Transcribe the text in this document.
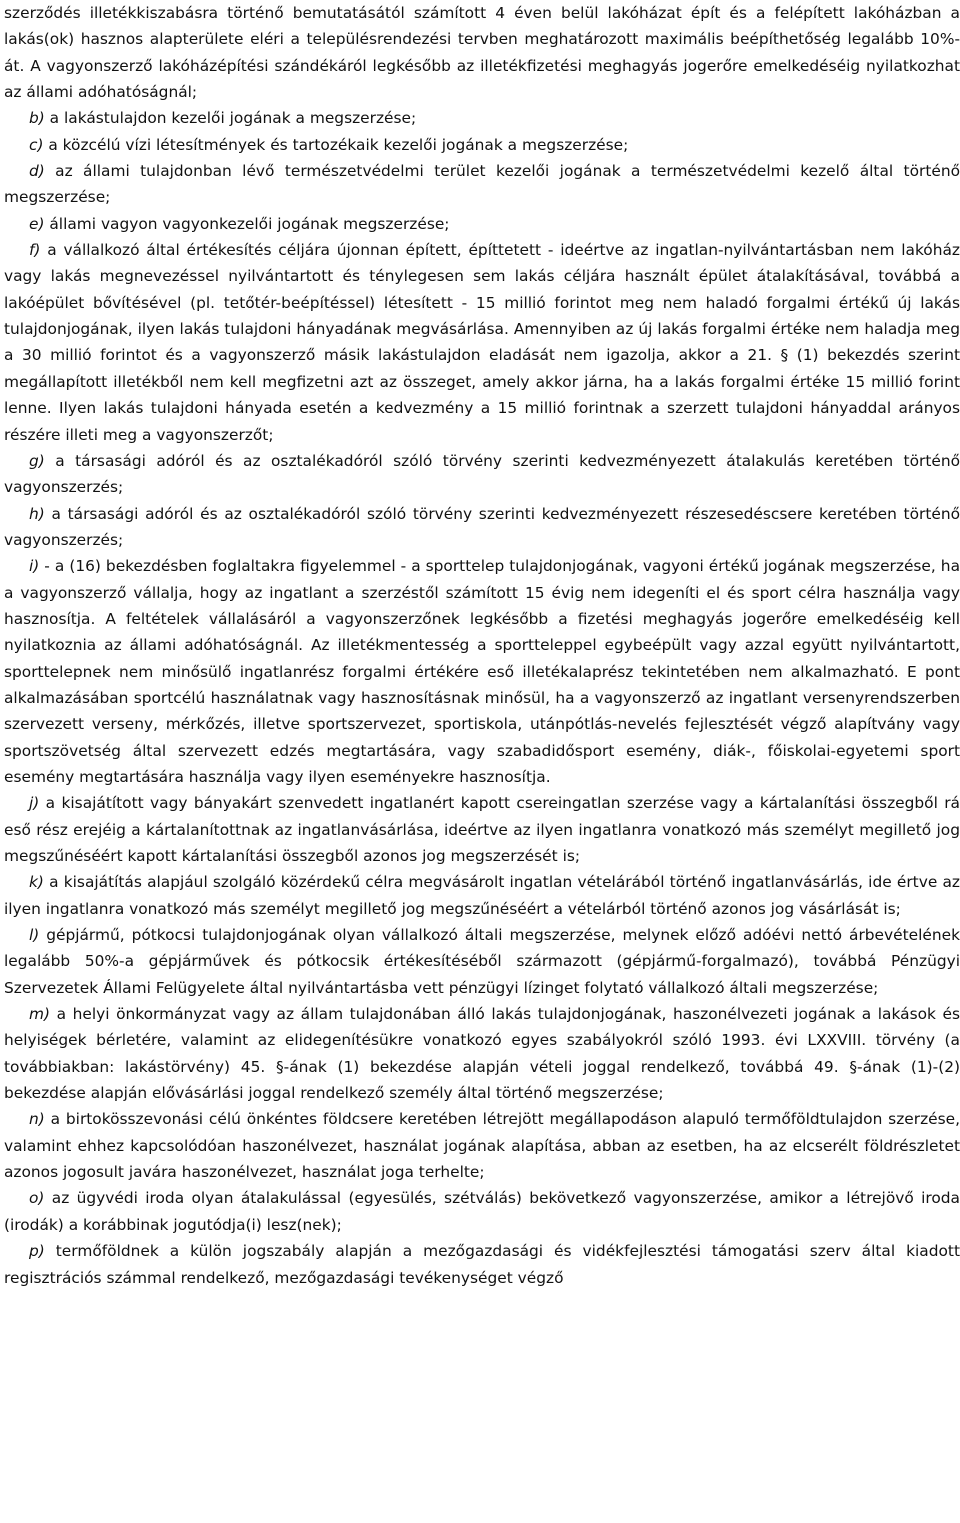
szerződés illetékkiszabásra történő bemutatásától számított 4 éven belül lakóházat épít és a felépített lakóházban a lakás(ok) hasznos alapterülete eléri a településrendezési tervben meghatározott maximális beépíthetőség legalább 10%-át. A vagyonszerző lakóházépítési szándékáról legkésőbb az illetékfizetési meghagyás jogerőre emelkedéséig nyilatkozhat az állami adóhatóságnál;

b) a lakástulajdon kezelői jogának a megszerzése;

c) a közcélú vízi létesítmények és tartozékaik kezelői jogának a megszerzése;

d) az állami tulajdonban lévő természetvédelmi terület kezelői jogának a természetvédelmi kezelő által történő megszerzése;

e) állami vagyon vagyonkezelői jogának megszerzése;

f) a vállalkozó által értékesítés céljára újonnan épített, építtetett - ideértve az ingatlan-nyilvántartásban nem lakóház vagy lakás megnevezéssel nyilvántartott és ténylegesen sem lakás céljára használt épület átalakításával, továbbá a lakóépület bővítésével (pl. tetőtér-beépítéssel) létesített - 15 millió forintot meg nem haladó forgalmi értékű új lakás tulajdonjogának, ilyen lakás tulajdoni hányadának megvásárlása. Amennyiben az új lakás forgalmi értéke nem haladja meg a 30 millió forintot és a vagyonszerző másik lakástulajdon eladását nem igazolja, akkor a 21. § (1) bekezdés szerint megállapított illetékből nem kell megfizetni azt az összeget, amely akkor járna, ha a lakás forgalmi értéke 15 millió forint lenne. Ilyen lakás tulajdoni hányada esetén a kedvezmény a 15 millió forintnak a szerzett tulajdoni hányaddal arányos részére illeti meg a vagyonszerzőt;

g) a társasági adóról és az osztalékadóról szóló törvény szerinti kedvezményezett átalakulás keretében történő vagyonszerzés;

h) a társasági adóról és az osztalékadóról szóló törvény szerinti kedvezményezett részesedéscsere keretében történő vagyonszerzés;

i) - a (16) bekezdésben foglaltakra figyelemmel - a sporttelep tulajdonjogának, vagyoni értékű jogának megszerzése, ha a vagyonszerző vállalja, hogy az ingatlant a szerzéstől számított 15 évig nem idegeníti el és sport célra használja vagy hasznosítja. A feltételek vállalásáról a vagyonszerzőnek legkésőbb a fizetési meghagyás jogerőre emelkedéséig kell nyilatkoznia az állami adóhatóságnál. Az illetékmentesség a sportteleppel egybeépült vagy azzal együtt nyilvántartott, sporttelepnek nem minősülő ingatlanrész forgalmi értékére eső illetékalaprész tekintetében nem alkalmazható. E pont alkalmazásában sportcélú használatnak vagy hasznosításnak minősül, ha a vagyonszerző az ingatlant versenyrendszerben szervezett verseny, mérkőzés, illetve sportszervezet, sportiskola, utánpótlás-nevelés fejlesztését végző alapítvány vagy sportszövetség által szervezett edzés megtartására, vagy szabadidősport esemény, diák-, főiskolai-egyetemi sport esemény megtartására használja vagy ilyen eseményekre hasznosítja.

j) a kisajátított vagy bányakárt szenvedett ingatlanért kapott csereingatlan szerzése vagy a kártalanítási összegből rá eső rész erejéig a kártalanítottnak az ingatlanvásárlása, ideértve az ilyen ingatlanra vonatkozó más személyt megillető jog megszűnéséért kapott kártalanítási összegből azonos jog megszerzését is;

k) a kisajátítás alapjául szolgáló közérdekű célra megvásárolt ingatlan vételárából történő ingatlanvásárlás, ide értve az ilyen ingatlanra vonatkozó más személyt megillető jog megszűnéséért a vételárból történő azonos jog vásárlását is;

l) gépjármű, pótkocsi tulajdonjogának olyan vállalkozó általi megszerzése, melynek előző adóévi nettó árbevételének legalább 50%-a gépjárművek és pótkocsik értékesítéséből származott (gépjármű-forgalmazó), továbbá Pénzügyi Szervezetek Állami Felügyelete által nyilvántartásba vett pénzügyi lízinget folytató vállalkozó általi megszerzése;

m) a helyi önkormányzat vagy az állam tulajdonában álló lakás tulajdonjogának, haszonélvezeti jogának a lakások és helyiségek bérletére, valamint az elidegenítésükre vonatkozó egyes szabályokról szóló 1993. évi LXXVIII. törvény (a továbbiakban: lakástörvény) 45. §-ának (1) bekezdése alapján vételi joggal rendelkező, továbbá 49. §-ának (1)-(2) bekezdése alapján elővásárlási joggal rendelkező személy által történő megszerzése;

n) a birtokösszevonási célú önkéntes földcsere keretében létrejött megállapodáson alapuló termőföldtulajdon szerzése, valamint ehhez kapcsolódóan haszonélvezet, használat jogának alapítása, abban az esetben, ha az elcserélt földrészletet azonos jogosult javára haszonélvezet, használat joga terhelte;

o) az ügyvédi iroda olyan átalakulással (egyesülés, szétválás) bekövetkező vagyonszerzése, amikor a létrejövő iroda (irodák) a korábbinak jogutódja(i) lesz(nek);

p) termőföldnek a külön jogszabály alapján a mezőgazdasági és vidékfejlesztési támogatási szerv által kiadott regisztrációs számmal rendelkező, mezőgazdasági tevékenységet végző
